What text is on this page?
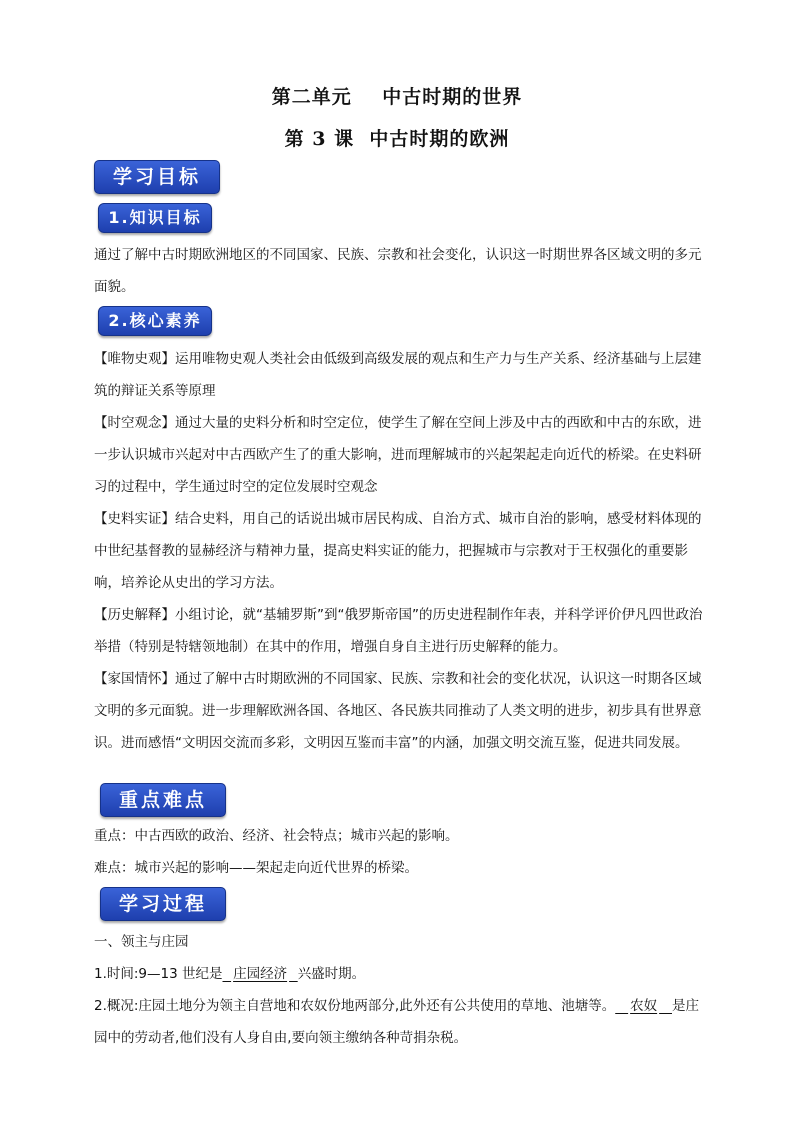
第二单元    中古时期的世界
第 3 课  中古时期的欧洲
学习目标
1.知识目标

通过了解中古时期欧洲地区的不同国家、民族、宗教和社会变化，认识这一时期世界各区域文明的多元面貌。

2.核心素养

【唯物史观】运用唯物史观人类社会由低级到高级发展的观点和生产力与生产关系、经济基础与上层建筑的辩证关系等原理

【时空观念】通过大量的史料分析和时空定位，使学生了解在空间上涉及中古的西欧和中古的东欧，进一步认识城市兴起对中古西欧产生了的重大影响，进而理解城市的兴起架起走向近代的桥梁。在史料研习的过程中，学生通过时空的定位发展时空观念

【史料实证】结合史料，用自己的话说出城市居民构成、自治方式、城市自治的影响，感受材料体现的中世纪基督教的显赫经济与精神力量，提高史料实证的能力，把握城市与宗教对于王权强化的重要影响，培养论从史出的学习方法。

【历史解释】小组讨论，就“基辅罗斯”到“俄罗斯帝国”的历史进程制作年表，并科学评价伊凡四世政治举措（特别是特辖领地制）在其中的作用，增强自身自主进行历史解释的能力。

【家国情怀】通过了解中古时期欧洲的不同国家、民族、宗教和社会的变化状况，认识这一时期各区域文明的多元面貌。进一步理解欧洲各国、各地区、各民族共同推动了人类文明的进步，初步具有世界意识。进而感悟“文明因交流而多彩，文明因互鉴而丰富”的内涵，加强文明交流互鉴，促进共同发展。

重点难点

重点：中古西欧的政治、经济、社会特点；城市兴起的影响。

难点：城市兴起的影响——架起走向近代世界的桥梁。

学习过程

一、领主与庄园

1.时间:9—13 世纪是 庄园经济 兴盛时期。

2.概况:庄园土地分为领主自营地和农奴份地两部分,此外还有公共使用的草地、池塘等。 农奴 是庄园中的劳动者,他们没有人身自由,要向领主缴纳各种苛捐杂税。
